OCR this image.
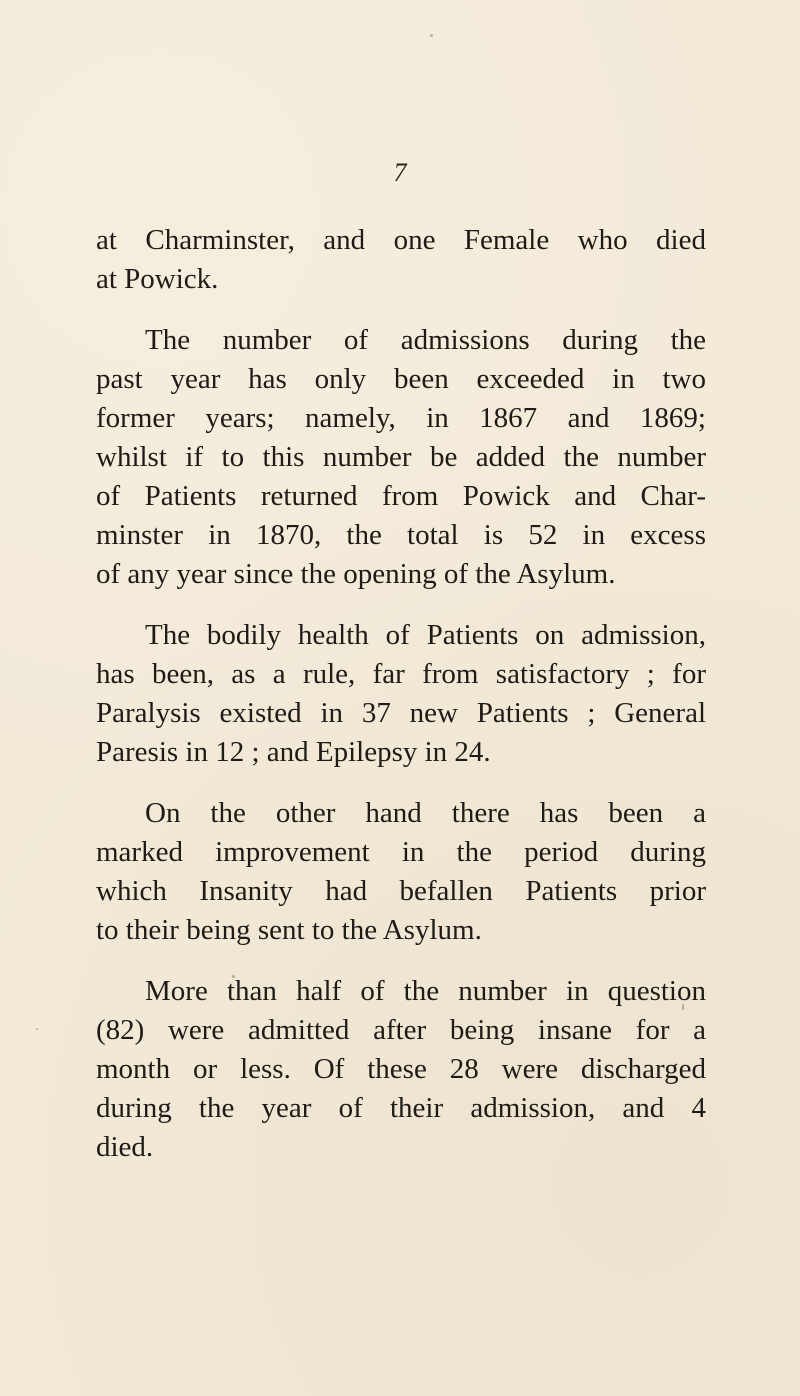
7
at Charminster, and one Female who died
at Powick.
The number of admissions during the
past year has only been exceeded in two
former years; namely, in 1867 and 1869;
whilst if to this number be added the number
of Patients returned from Powick and Char-
minster in 1870, the total is 52 in excess
of any year since the opening of the Asylum.
The bodily health of Patients on admission,
has been, as a rule, far from satisfactory ; for
Paralysis existed in 37 new Patients ; General
Paresis in 12 ; and Epilepsy in 24.
On the other hand there has been a
marked improvement in the period during
which Insanity had befallen Patients prior
to their being sent to the Asylum.
More than half of the number in question
(82) were admitted after being insane for a
month or less. Of these 28 were discharged
during the year of their admission, and 4
died.
